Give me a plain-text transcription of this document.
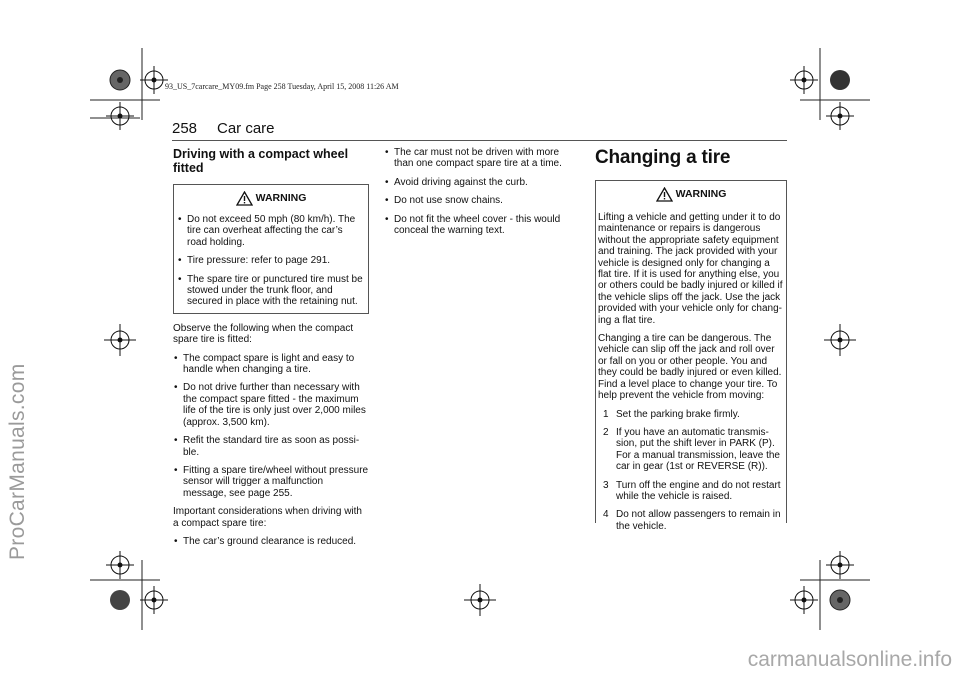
93_US_7carcare_MY09.fm Page 258 Tuesday, April 15, 2008 11:26 AM
258 Car care
Driving with a compact wheel fitted
WARNING
• Do not exceed 50 mph (80 km/h). The tire can overheat affecting the car’s road holding.
• Tire pressure: refer to page 291.
• The spare tire or punctured tire must be stowed under the trunk floor, and secured in place with the retaining nut.

Observe the following when the compact spare tire is fitted:

• The compact spare is light and easy to handle when changing a tire.
• Do not drive further than necessary with the compact spare fitted - the maximum life of the tire is only just over 2,000 miles (approx. 3,500 km).
• Refit the standard tire as soon as possi-ble.
• Fitting a spare tire/wheel without pressure sensor will trigger a malfunction message, see page 255.

Important considerations when driving with a compact spare tire:

• The car’s ground clearance is reduced.
• The car must not be driven with more than one compact spare tire at a time.
• Avoid driving against the curb.
• Do not use snow chains.
• Do not fit the wheel cover - this would conceal the warning text.
Changing a tire
WARNING

Lifting a vehicle and getting under it to do maintenance or repairs is dangerous without the appropriate safety equipment and training. The jack provided with your vehicle is designed only for changing a flat tire. If it is used for anything else, you or others could be badly injured or killed if the vehicle slips off the jack. Use the jack provided with your vehicle only for chang-ing a flat tire.

Changing a tire can be dangerous. The vehicle can slip off the jack and roll over or fall on you or other people. You and they could be badly injured or even killed. Find a level place to change your tire. To help prevent the vehicle from moving:

1 Set the parking brake firmly.
2 If you have an automatic transmis-sion, put the shift lever in PARK (P). For a manual transmission, leave the car in gear (1st or REVERSE (R)).
3 Turn off the engine and do not restart while the vehicle is raised.
4 Do not allow passengers to remain in the vehicle.
ProCarManuals.com
carmanualsonline.info
